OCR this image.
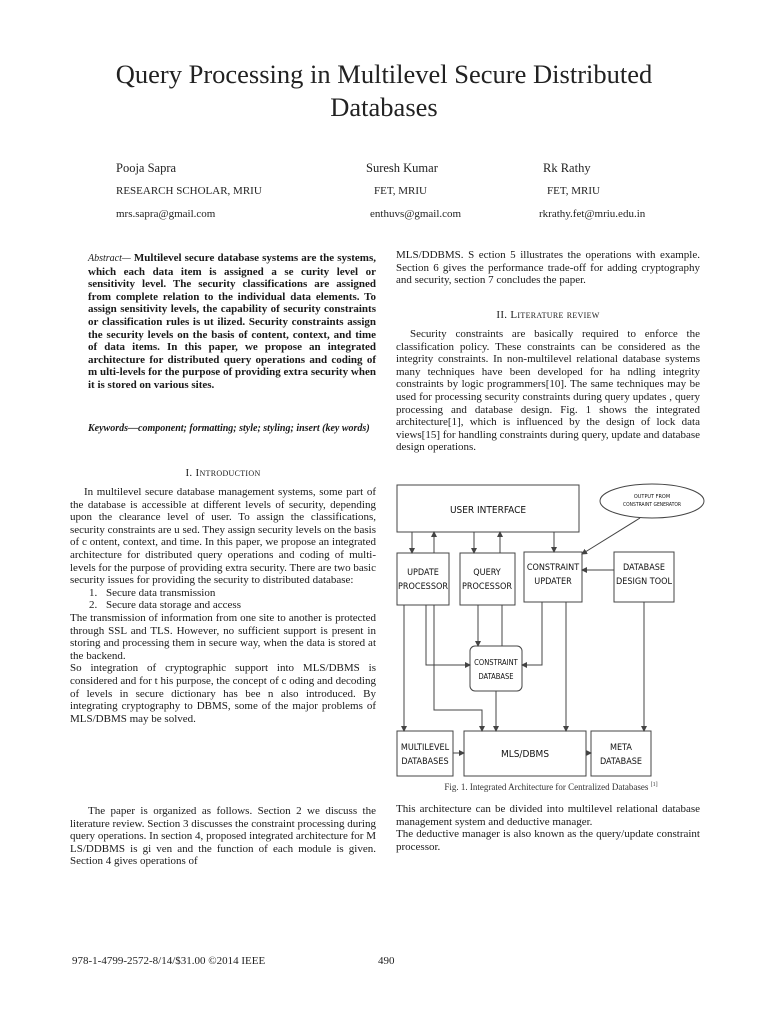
Query Processing in Multilevel Secure Distributed Databases
Pooja Sapra
RESEARCH SCHOLAR, MRIU
mrs.sapra@gmail.com
Suresh Kumar
FET, MRIU
enthuvs@gmail.com
Rk Rathy
FET, MRIU
rkrathy.fet@mriu.edu.in

Abstract— Multilevel secure database systems are the systems, which each data item is assigned a se curity level or sensitivity level. The security classifications are assigned from complete relation to the individual data elements. To assign sensitivity levels, the capability of security constraints or classification rules is ut ilized. Security constraints assign the security levels on the basis of content, context, and time of data items. In this paper, we propose an integrated architecture for distributed query operations and coding of m ulti-levels for the purpose of providing extra security when it is stored on various sites.

Keywords—component; formatting; style; styling; insert (key words)
I. Introduction

In multilevel secure database management systems, some part of the database is accessible at different levels of security, depending upon the clearance level of user. To assign the classifications, security constraints are u sed. They assign security levels on the basis of c ontent, context, and time. In this paper, we propose an integrated architecture for distributed query operations and coding of multi-levels for the purpose of providing extra security. There are two basic security issues for providing the security to distributed database:

1. Secure data transmission
2. Secure data storage and access

The transmission of information from one site to another is protected through SSL and TLS. However, no sufficient support is present in storing and processing them in secure way, when the data is stored at the backend.

So integration of cryptographic support into MLS/DBMS is considered and for t his purpose, the concept of c oding and decoding of levels in secure dictionary has bee n also introduced. By integrating cryptography to DBMS, some of the major problems of MLS/DBMS may be solved.

The paper is organized as follows. Section 2 we discuss the literature review. Section 3 discusses the constraint processing during query operations. In section 4, proposed integrated architecture for M LS/DDBMS is gi ven and the function of each module is given. Section 4 gives operations of

MLS/DDBMS. S ection 5 illustrates the operations with example. Section 6 gives the performance trade-off for adding cryptography and security, section 7 concludes the paper.

II. Literature review

Security constraints are basically required to enforce the classification policy. These constraints can be considered as the integrity constraints. In non-multilevel relational database systems many techniques have been developed for ha ndling integrity constraints by logic programmers[10]. The same techniques may be used for processing security constraints during query updates , query processing and database design. Fig. 1 shows the integrated architecture[1], which is influenced by the design of lock data views[15] for handling constraints during query, update and database design operations.

USER INTERFACE
OUTPUT FROM
CONSTRAINT GENERATOR
UPDATE
PROCESSOR
QUERY
PROCESSOR
CONSTRAINT
UPDATER
DATABASE
DESIGN TOOL
CONSTRAINT
DATABASE
MULTILEVEL
DATABASES
MLS/DBMS
META
DATABASE
Fig. 1. Integrated Architecture for Centralized Databases [1]

This architecture can be divided into multilevel relational database management system and deductive manager.

The deductive manager is also known as the query/update constraint processor.

978-1-4799-2572-8/14/$31.00 ©2014 IEEE	490
